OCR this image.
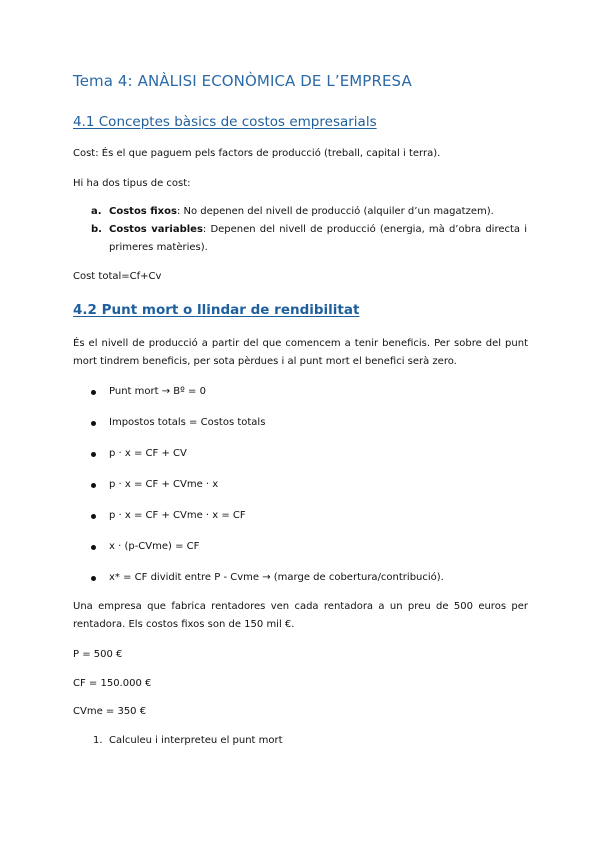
Tema 4: ANÀLISI ECONÒMICA DE L’EMPRESA
4.1 Conceptes bàsics de costos empresarials
Cost: És el que paguem pels factors de producció (treball, capital i terra).
Hi ha dos tipus de cost:
a. Costos fixos: No depenen del nivell de producció (alquiler d’un magatzem).
b. Costos variables: Depenen del nivell de producció (energia, mà d’obra directa i primeres matèries).
Cost total=Cf+Cv
4.2 Punt mort o llindar de rendibilitat
És el nivell de producció a partir del que comencem a tenir beneficis. Per sobre del punt mort tindrem beneficis, per sota pèrdues i al punt mort el benefici serà zero.
Punt mort → Bº = 0
Impostos totals = Costos totals
p · x = CF + CV
p · x = CF + CVme · x
p · x = CF + CVme · x = CF
x · (p-CVme) = CF
x* = CF dividit entre P - Cvme → (marge de cobertura/contribució).
Una empresa que fabrica rentadores ven cada rentadora a un preu de 500 euros per rentadora. Els costos fixos son de 150 mil €.
P = 500 €
CF = 150.000 €
CVme = 350 €
1. Calculeu i interpreteu el punt mort
